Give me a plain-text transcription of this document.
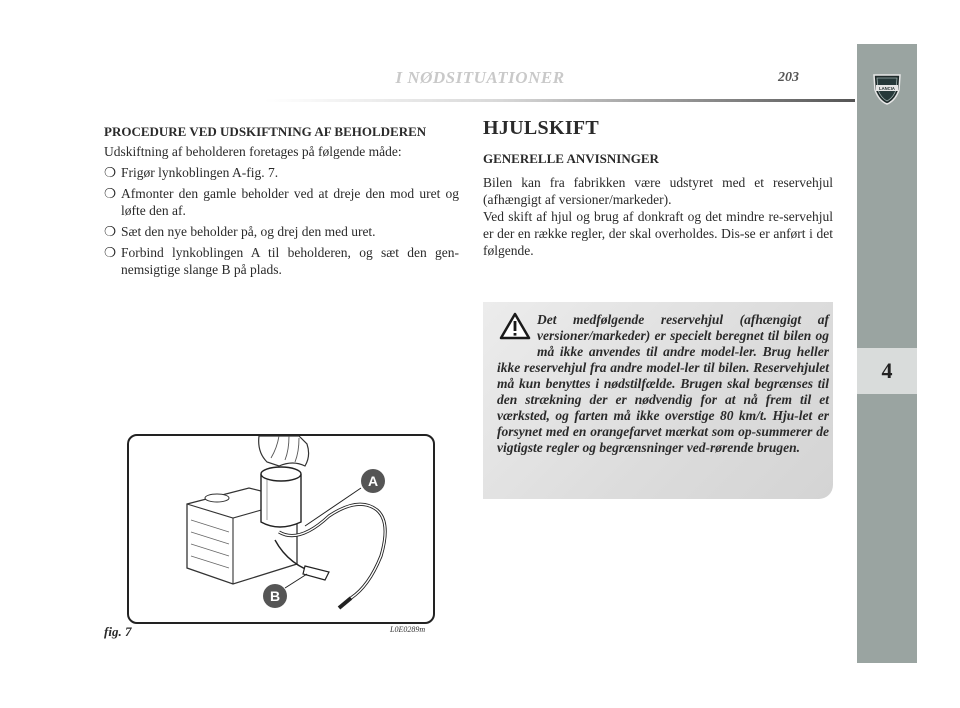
I NØDSITUATIONER	203
LANCIA
4
PROCEDURE VED UDSKIFTNING AF BEHOLDEREN

Udskiftning af beholderen foretages på følgende måde:

❍ Frigør lynkoblingen A-fig. 7.
❍ Afmonter den gamle beholder ved at dreje den mod uret og løfte den af.
❍ Sæt den nye beholder på, og drej den med uret.
❍ Forbind lynkoblingen A til beholderen, og sæt den gen-nemsigtige slange B på plads.
HJULSKIFT
GENERELLE ANVISNINGER

Bilen kan fra fabrikken være udstyret med et reservehjul (afhængigt af versioner/markeder).

Ved skift af hjul og brug af donkraft og det mindre re-servehjul er der en række regler, der skal overholdes. Dis-se er anført i det følgende.

Det medfølgende reservehjul (afhængigt af versioner/markeder) er specielt beregnet til bilen og må ikke anvendes til andre model-ler. Brug heller ikke reservehjul fra andre model-ler til bilen. Reservehjulet må kun benyttes i nødstilfælde. Brugen skal begrænses til den strækning der er nødvendig for at nå frem til et værksted, og farten må ikke overstige 80 km/t. Hju-let er forsynet med en orangefarvet mærkat som op-summerer de vigtigste regler og begrænsninger ved-rørende brugen.
A
B
fig. 7	L0E0289m
